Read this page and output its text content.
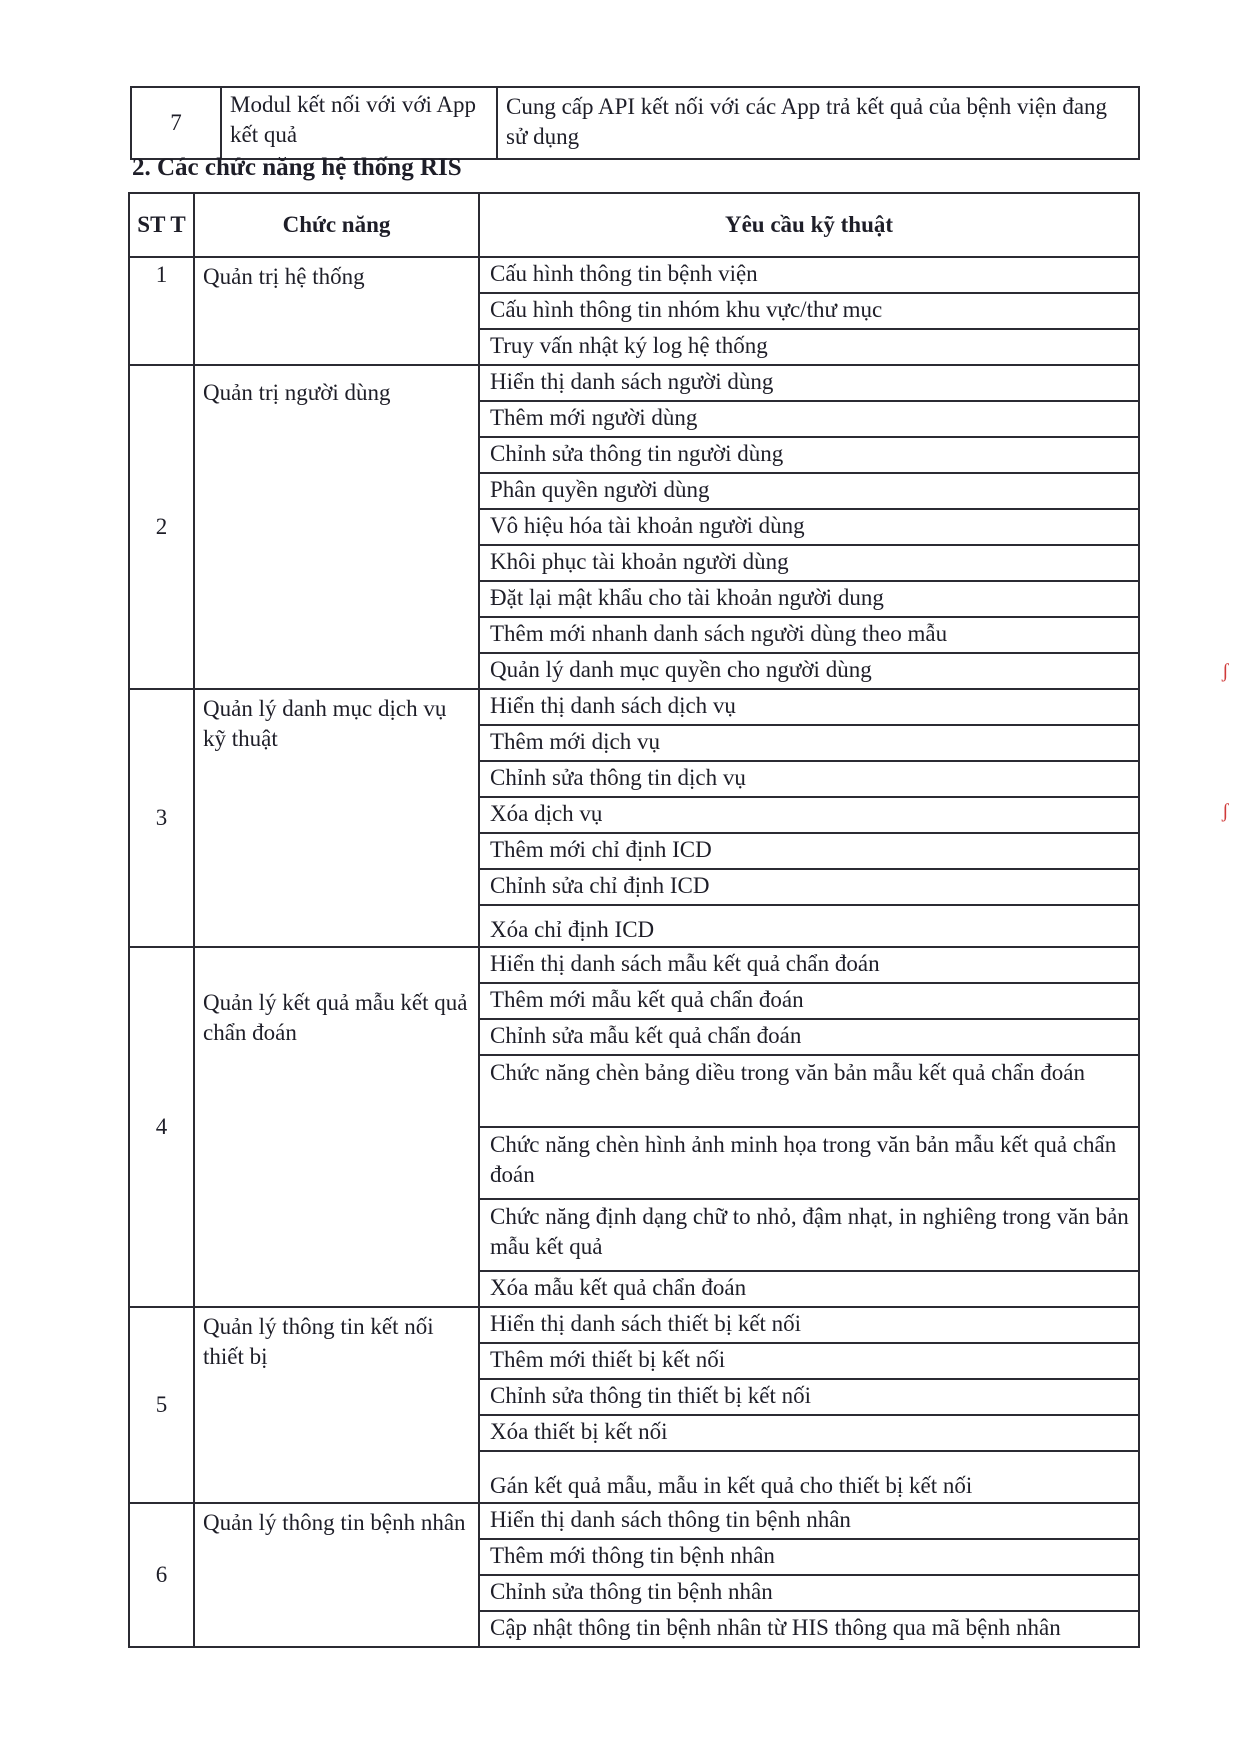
7	Modul kết nối với với App kết quả	Cung cấp API kết nối với các App trả kết quả của bệnh viện đang sử dụng
2. Các chức năng hệ thống RIS
ST T	Chức năng	Yêu cầu kỹ thuật
1	Quản trị hệ thống	Cấu hình thông tin bệnh viện
		Cấu hình thông tin nhóm khu vực/thư mục
		Truy vấn nhật ký log hệ thống
2	Quản trị người dùng	Hiển thị danh sách người dùng
		Thêm mới người dùng
		Chỉnh sửa thông tin người dùng
		Phân quyền người dùng
		Vô hiệu hóa tài khoản người dùng
		Khôi phục tài khoản người dùng
		Đặt lại mật khẩu cho tài khoản người dung
		Thêm mới nhanh danh sách người dùng theo mẫu
		Quản lý danh mục quyền cho người dùng
3	Quản lý danh mục dịch vụ kỹ thuật	Hiển thị danh sách dịch vụ
		Thêm mới dịch vụ
		Chỉnh sửa thông tin dịch vụ
		Xóa dịch vụ
		Thêm mới chỉ định ICD
		Chỉnh sửa chỉ định ICD
		Xóa chỉ định ICD
4	Quản lý kết quả mẫu kết quả chẩn đoán	Hiển thị danh sách mẫu kết quả chẩn đoán
		Thêm mới mẫu kết quả chẩn đoán
		Chỉnh sửa mẫu kết quả chẩn đoán
		Chức năng chèn bảng diều trong văn bản mẫu kết quả chẩn đoán
		Chức năng chèn hình ảnh minh họa trong văn bản mẫu kết quả chẩn đoán
		Chức năng định dạng chữ to nhỏ, đậm nhạt, in nghiêng trong văn bản mẫu kết quả
		Xóa mẫu kết quả chẩn đoán
5	Quản lý thông tin kết nối thiết bị	Hiển thị danh sách thiết bị kết nối
		Thêm mới thiết bị kết nối
		Chỉnh sửa thông tin thiết bị kết nối
		Xóa thiết bị kết nối
		Gán kết quả mẫu, mẫu in kết quả cho thiết bị kết nối
6	Quản lý thông tin bệnh nhân	Hiển thị danh sách thông tin bệnh nhân
		Thêm mới thông tin bệnh nhân
		Chỉnh sửa thông tin bệnh nhân
		Cập nhật thông tin bệnh nhân từ HIS thông qua mã bệnh nhân
ʃ
ʃ
